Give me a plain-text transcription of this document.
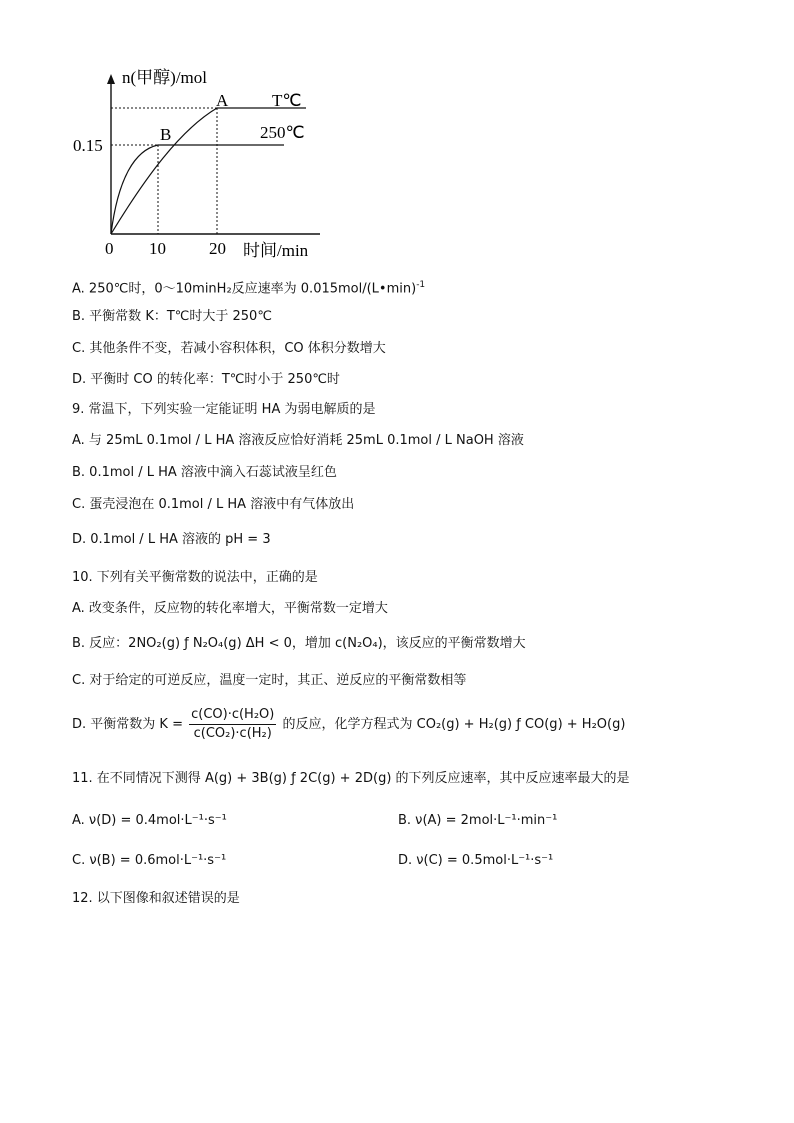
n(甲醇)/mol
A
B
T℃
250℃
0.15
0 10	20 时间/min
A. 250℃时，0～10minH₂反应速率为 0.015mol/(L•min)$^{-1}$
B. 平衡常数 K：T℃时大于 250℃
C. 其他条件不变，若减小容积体积，CO 体积分数增大
D. 平衡时 CO 的转化率：T℃时小于 250℃时
9. 常温下，下列实验一定能证明 HA 为弱电解质的是
A. 与 25mL 0.1mol / L HA 溶液反应恰好消耗 25mL 0.1mol / L NaOH 溶液
B. 0.1mol / L HA 溶液中滴入石蕊试液呈红色
C. 蛋壳浸泡在 0.1mol / L HA 溶液中有气体放出
D. 0.1mol / L HA 溶液的 pH = 3
10. 下列有关平衡常数的说法中，正确的是
A. 改变条件，反应物的转化率增大，平衡常数一定增大
B. 反应：2NO₂(g) ƒ N₂O₄(g) ΔH < 0，增加 c(N₂O₄)，该反应的平衡常数增大
C. 对于给定的可逆反应，温度一定时，其正、逆反应的平衡常数相等
D. 平衡常数为 $K = \frac{\text{c(CO)·c(H₂O)}}{\text{c(CO₂)·c(H₂)}}$ 的反应，化学方程式为 CO₂(g) + H₂(g) ƒ CO(g) + H₂O(g)
11. 在不同情况下测得 A(g) + 3B(g) ƒ 2C(g) + 2D(g) 的下列反应速率，其中反应速率最大的是
A. ν(D) = 0.4mol·L⁻¹·s⁻¹	B. ν(A) = 2mol·L⁻¹·min⁻¹
C. ν(B) = 0.6mol·L⁻¹·s⁻¹	D. ν(C) = 0.5mol·L⁻¹·s⁻¹
12. 以下图像和叙述错误的是
